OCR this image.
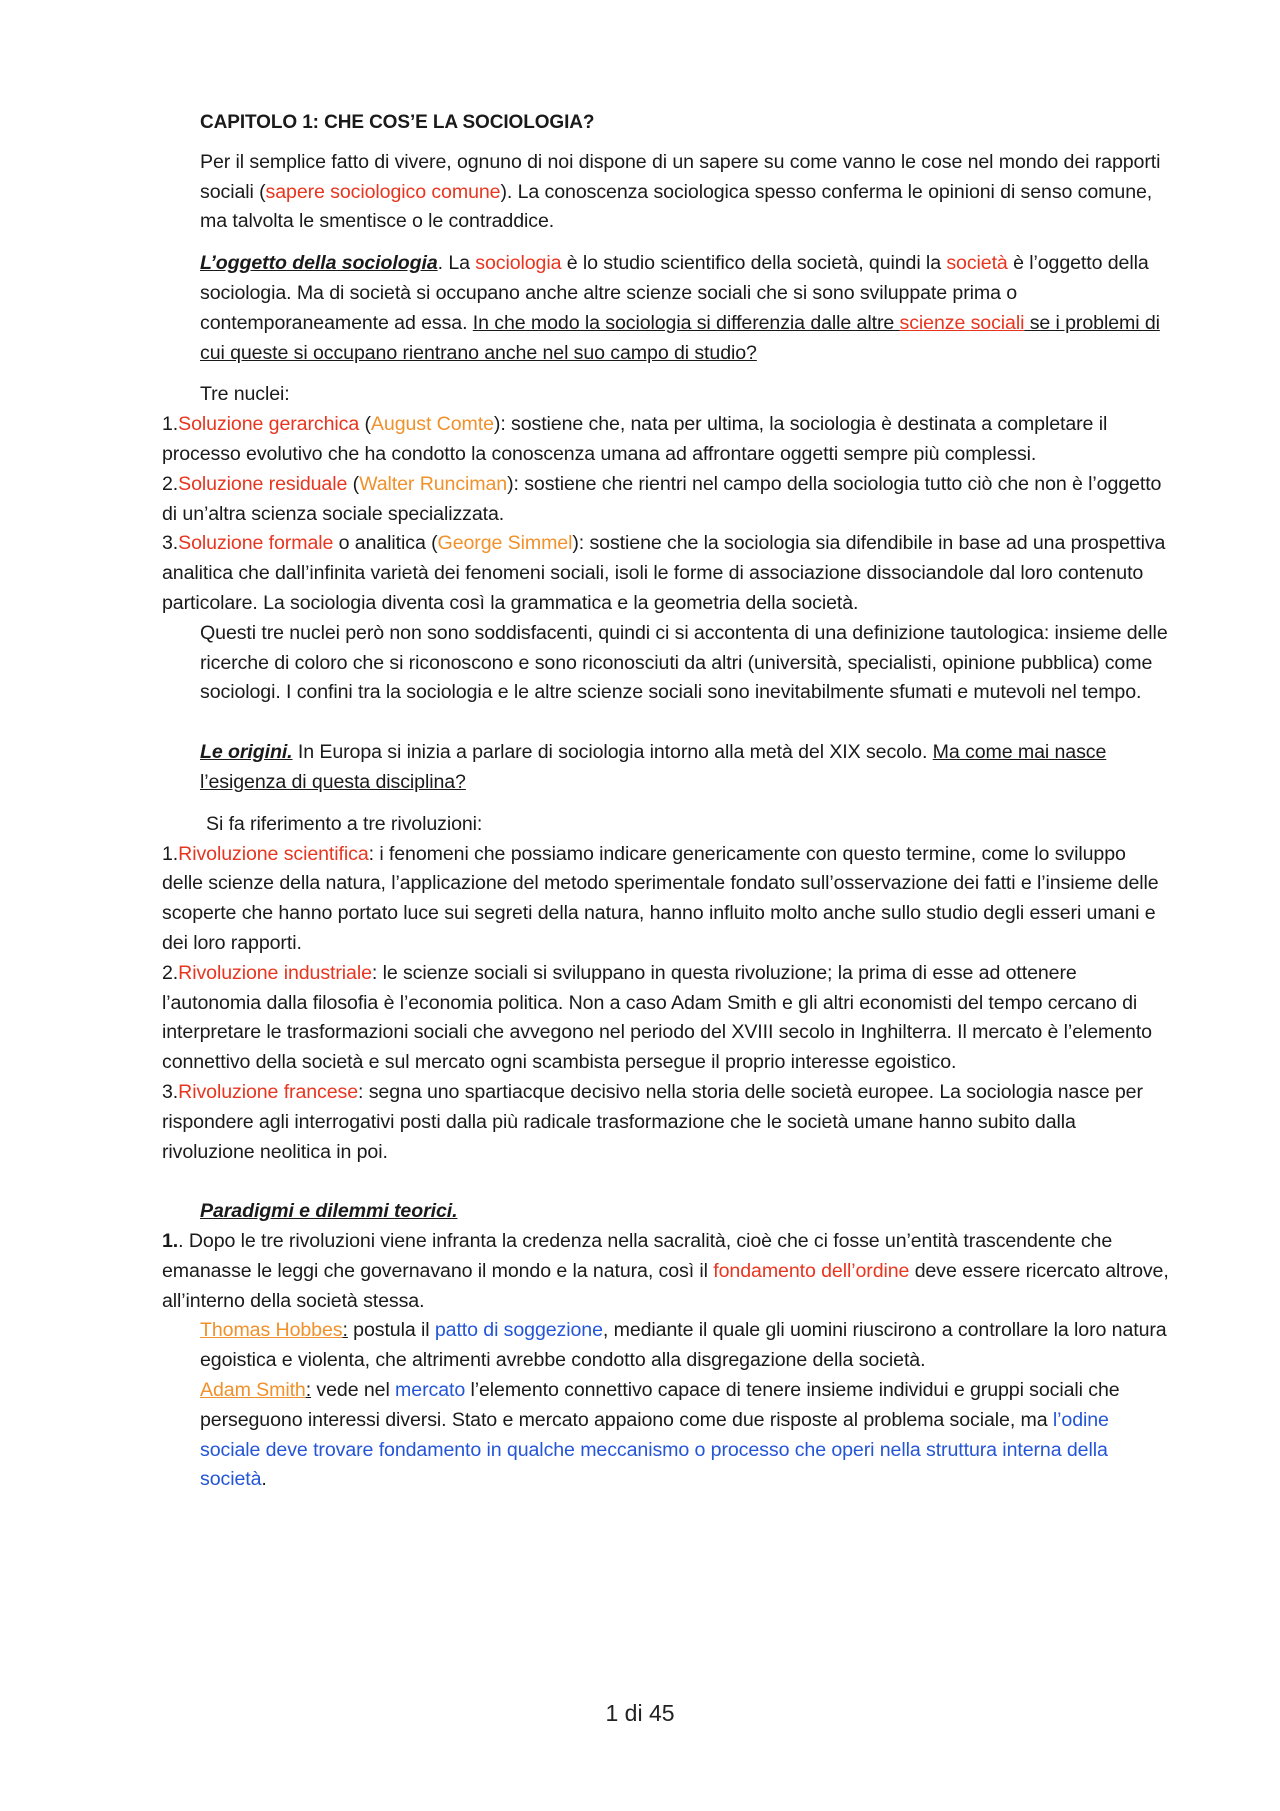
CAPITOLO 1: CHE COS’E LA SOCIOLOGIA?
Per il semplice fatto di vivere, ognuno di noi dispone di un sapere su come vanno le cose nel mondo dei rapporti sociali (sapere sociologico comune). La conoscenza sociologica spesso conferma le opinioni di senso comune, ma talvolta le smentisce o le contraddice.
L’oggetto della sociologia. La sociologia è lo studio scientifico della società, quindi la società è l’oggetto della sociologia. Ma di società si occupano anche altre scienze sociali che si sono sviluppate prima o contemporaneamente ad essa. In che modo la sociologia si differenzia dalle altre scienze sociali se i problemi di cui queste si occupano rientrano anche nel suo campo di studio?
Tre nuclei:
1.Soluzione gerarchica (August Comte): sostiene che, nata per ultima, la sociologia è destinata a completare il processo evolutivo che ha condotto la conoscenza umana ad affrontare oggetti sempre più complessi.
2.Soluzione residuale (Walter Runciman): sostiene che rientri nel campo della sociologia tutto ciò che non è l’oggetto di un’altra scienza sociale specializzata.
3.Soluzione formale o analitica (George Simmel): sostiene che la sociologia sia difendibile in base ad una prospettiva analitica che dall’infinita varietà dei fenomeni sociali, isoli le forme di associazione dissociandole dal loro contenuto particolare. La sociologia diventa così la grammatica e la geometria della società.
Questi tre nuclei però non sono soddisfacenti, quindi ci si accontenta di una definizione tautologica: insieme delle ricerche di coloro che si riconoscono e sono riconosciuti da altri (università, specialisti, opinione pubblica) come sociologi. I confini tra la sociologia e le altre scienze sociali sono inevitabilmente sfumati e mutevoli nel tempo.
Le origini. In Europa si inizia a parlare di sociologia intorno alla metà del XIX secolo. Ma come mai nasce l’esigenza di questa disciplina?
Si fa riferimento a tre rivoluzioni:
1.Rivoluzione scientifica: i fenomeni che possiamo indicare genericamente con questo termine, come lo sviluppo delle scienze della natura, l’applicazione del metodo sperimentale fondato sull’osservazione dei fatti e l’insieme delle scoperte che hanno portato luce sui segreti della natura, hanno influito molto anche sullo studio degli esseri umani e dei loro rapporti.
2.Rivoluzione industriale: le scienze sociali si sviluppano in questa rivoluzione; la prima di esse ad ottenere l’autonomia dalla filosofia è l’economia politica. Non a caso Adam Smith e gli altri economisti del tempo cercano di interpretare le trasformazioni sociali che avvegono nel periodo del XVIII secolo in Inghilterra. Il mercato è l’elemento connettivo della società e sul mercato ogni scambista persegue il proprio interesse egoistico.
3.Rivoluzione francese: segna uno spartiacque decisivo nella storia delle società europee. La sociologia nasce per rispondere agli interrogativi posti dalla più radicale trasformazione che le società umane hanno subito dalla rivoluzione neolitica in poi.
Paradigmi e dilemmi teorici.
1.. Dopo le tre rivoluzioni viene infranta la credenza nella sacralità, cioè che ci fosse un’entità trascendente che emanasse le leggi che governavano il mondo e la natura, così il fondamento dell’ordine deve essere ricercato altrove, all’interno della società stessa.
Thomas Hobbes: postula il patto di soggezione, mediante il quale gli uomini riuscirono a controllare la loro natura egoistica e violenta, che altrimenti avrebbe condotto alla disgregazione della società.
Adam Smith: vede nel mercato l’elemento connettivo capace di tenere insieme individui e gruppi sociali che perseguono interessi diversi. Stato e mercato appaiono come due risposte al problema sociale, ma l’odine sociale deve trovare fondamento in qualche meccanismo o processo che operi nella struttura interna della società.
1 di 45
